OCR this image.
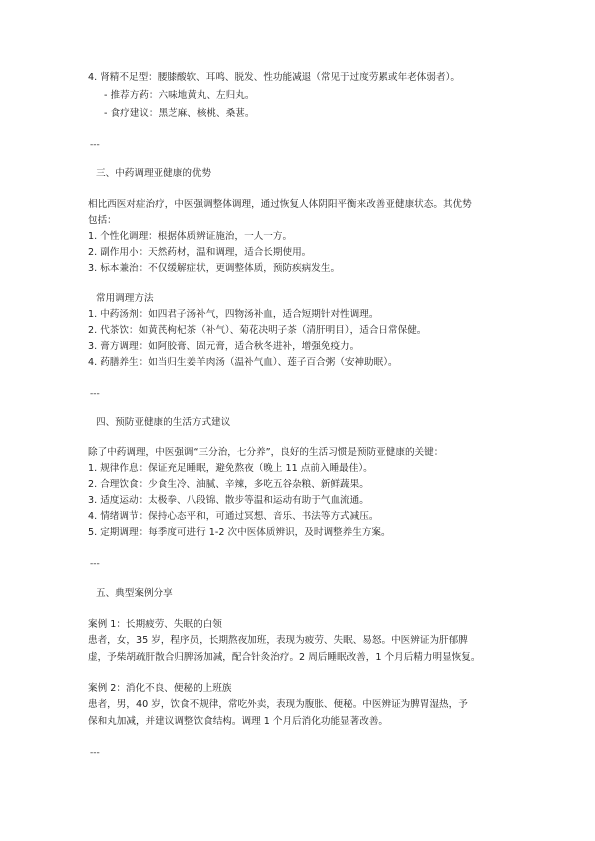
4. 肾精不足型：腰膝酸软、耳鸣、脱发、性功能减退（常见于过度劳累或年老体弱者）。
- 推荐方药：六味地黄丸、左归丸。
- 食疗建议：黑芝麻、核桃、桑葚。
---
三、中药调理亚健康的优势
相比西医对症治疗，中医强调整体调理，通过恢复人体阴阳平衡来改善亚健康状态。其优势
包括：
1. 个性化调理：根据体质辨证施治，一人一方。
2. 副作用小：天然药材，温和调理，适合长期使用。
3. 标本兼治：不仅缓解症状，更调整体质，预防疾病发生。
常用调理方法
1. 中药汤剂：如四君子汤补气，四物汤补血，适合短期针对性调理。
2. 代茶饮：如黄芪枸杞茶（补气）、菊花决明子茶（清肝明目），适合日常保健。
3. 膏方调理：如阿胶膏、固元膏，适合秋冬进补，增强免疫力。
4. 药膳养生：如当归生姜羊肉汤（温补气血）、莲子百合粥（安神助眠）。
---
四、预防亚健康的生活方式建议
除了中药调理，中医强调“三分治，七分养”，良好的生活习惯是预防亚健康的关键：
1. 规律作息：保证充足睡眠，避免熬夜（晚上 11 点前入睡最佳）。
2. 合理饮食：少食生冷、油腻、辛辣，多吃五谷杂粮、新鲜蔬果。
3. 适度运动：太极拳、八段锦、散步等温和运动有助于气血流通。
4. 情绪调节：保持心态平和，可通过冥想、音乐、书法等方式减压。
5. 定期调理：每季度可进行 1-2 次中医体质辨识，及时调整养生方案。
---
五、典型案例分享
案例 1：长期疲劳、失眠的白领
患者，女，35 岁，程序员，长期熬夜加班，表现为疲劳、失眠、易怒。中医辨证为肝郁脾
虚，予柴胡疏肝散合归脾汤加减，配合针灸治疗。2 周后睡眠改善，1 个月后精力明显恢复。
案例 2：消化不良、便秘的上班族
患者，男，40 岁，饮食不规律，常吃外卖，表现为腹胀、便秘。中医辨证为脾胃湿热，予
保和丸加减，并建议调整饮食结构。调理 1 个月后消化功能显著改善。
---
